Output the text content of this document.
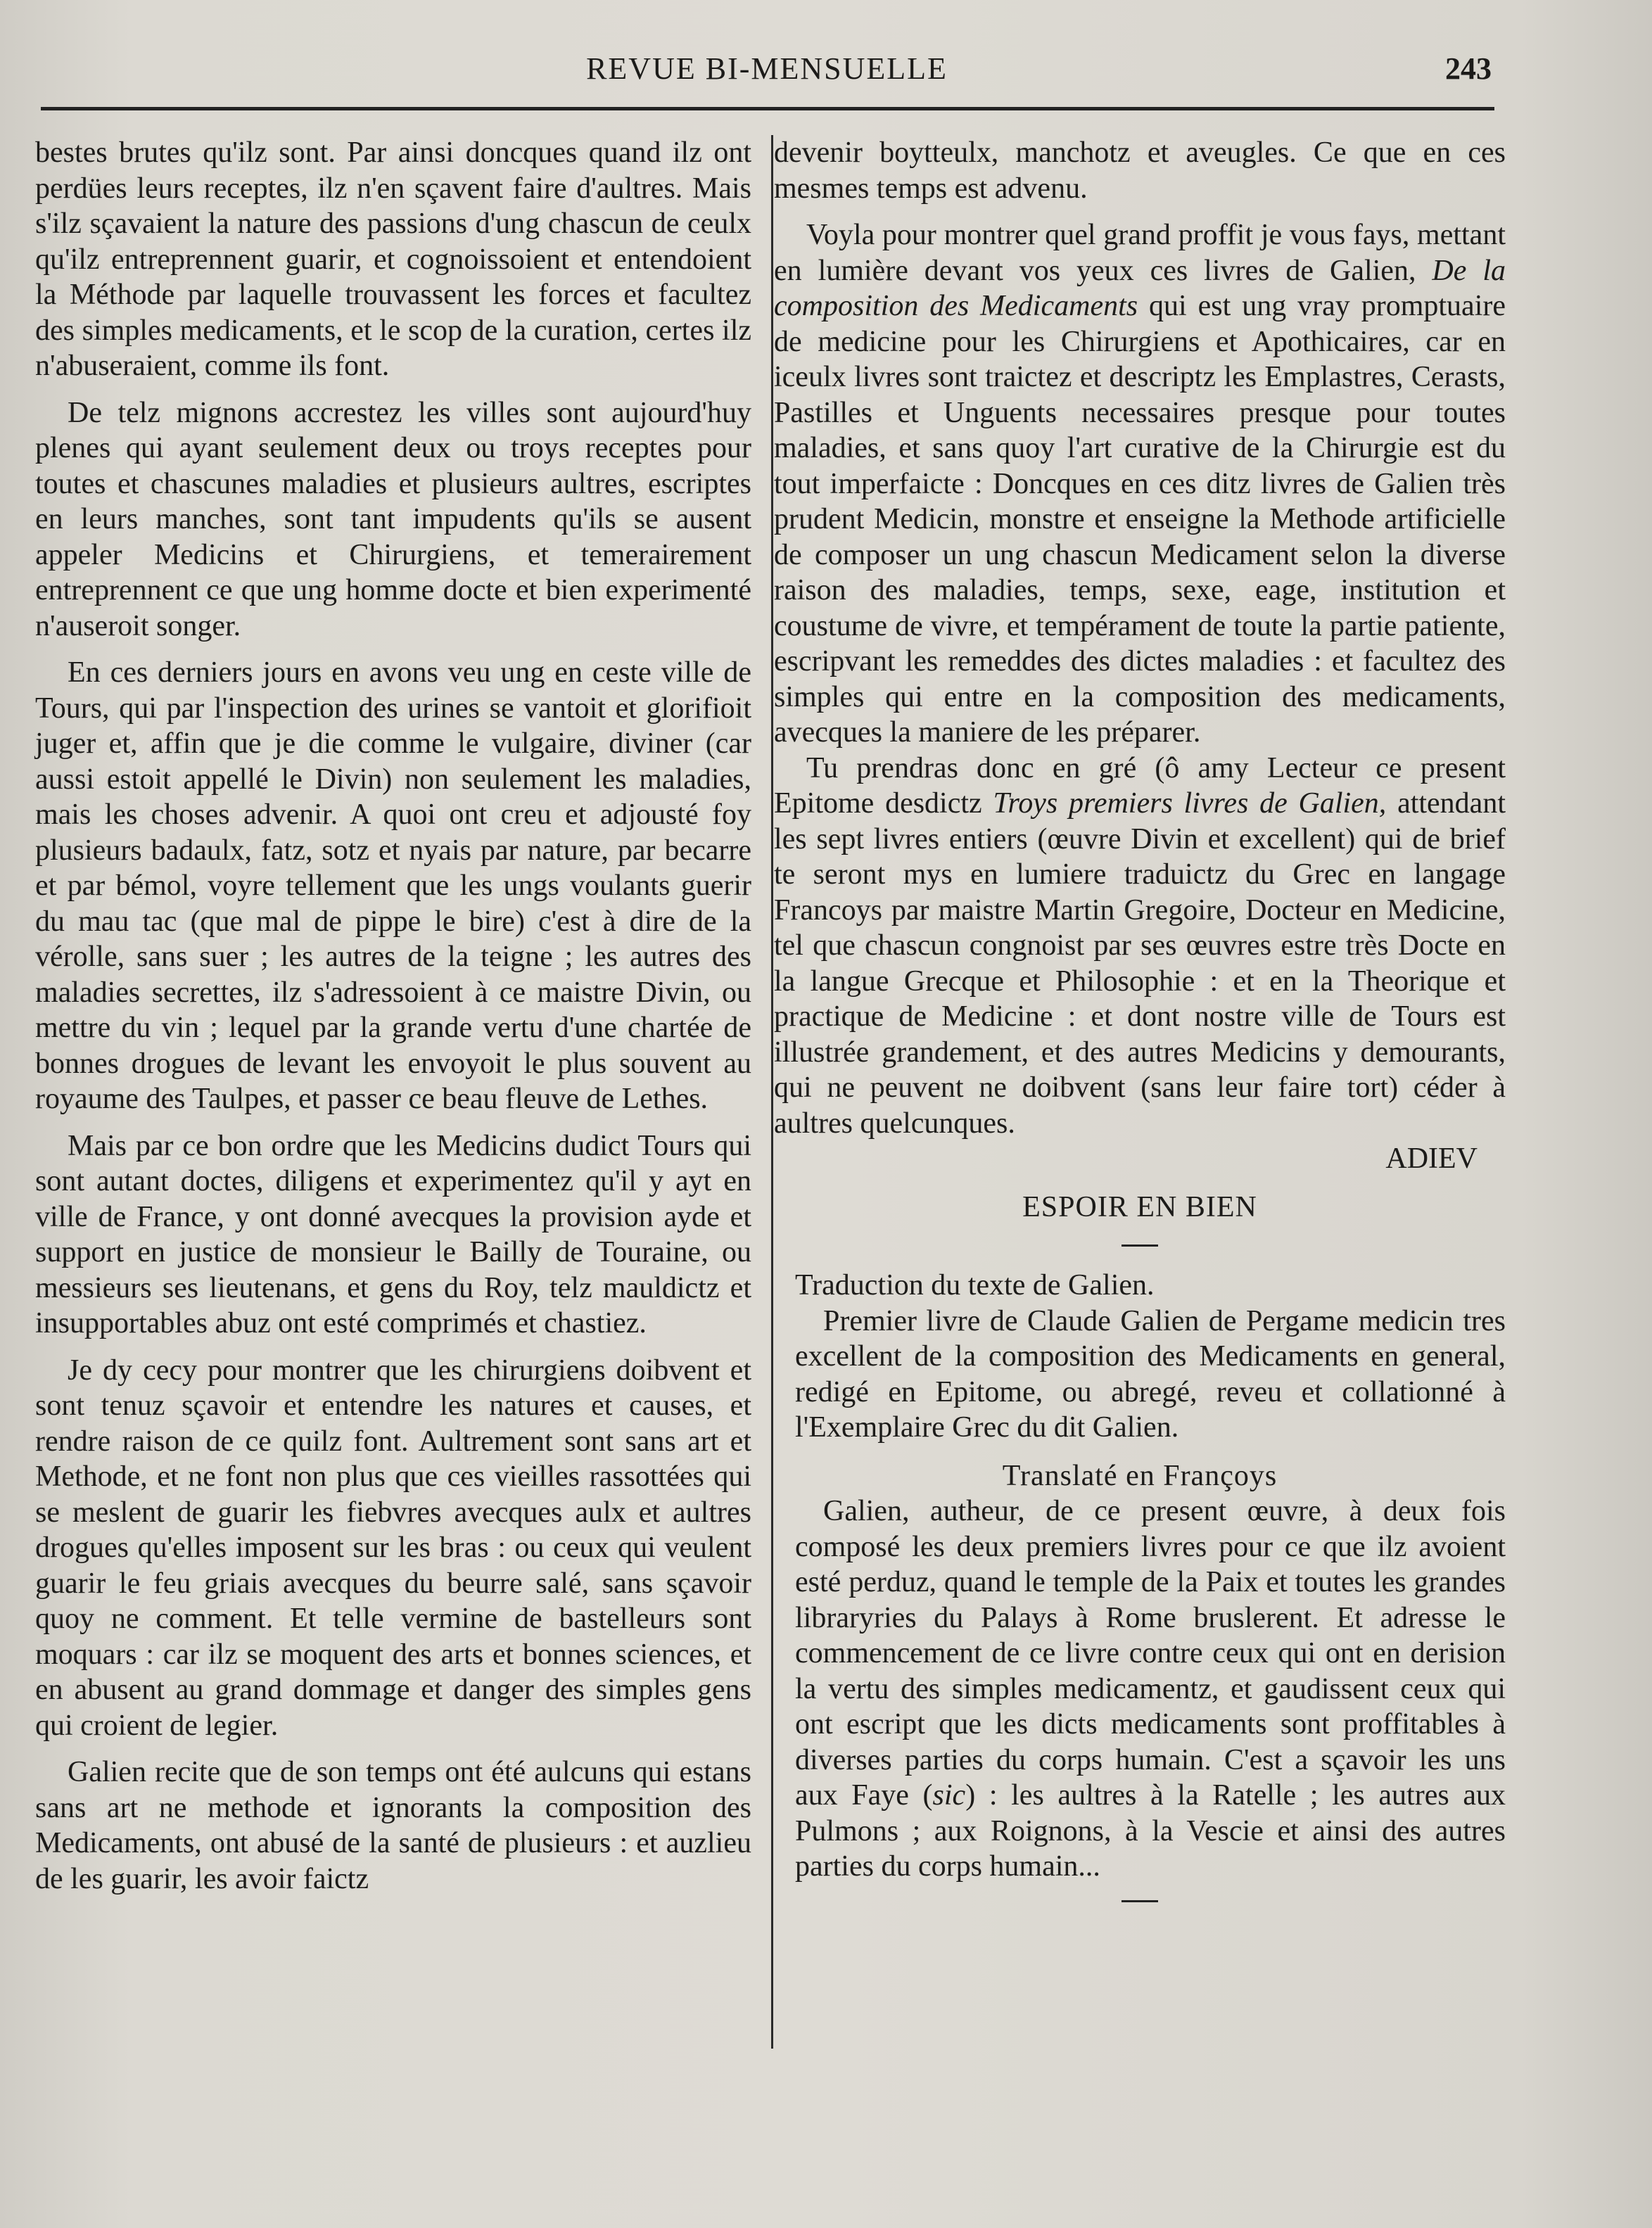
REVUE BI-MENSUELLE	243

bestes brutes qu'ilz sont. Par ainsi doncques quand ilz ont perdües leurs receptes, ilz n'en sçavent faire d'aultres. Mais s'ilz sçavaient la nature des passions d'ung chascun de ceulx qu'ilz entreprennent guarir, et cognoissoient et entendoient la Méthode par laquelle trouvassent les forces et facultez des simples medicaments, et le scop de la curation, certes ilz n'abuseraient, comme ils font.

De telz mignons accrestez les villes sont aujourd'huy plenes qui ayant seulement deux ou troys receptes pour toutes et chascunes maladies et plusieurs aultres, escriptes en leurs manches, sont tant impudents qu'ils se ausent appeler Medicins et Chirurgiens, et temerairement entreprennent ce que ung homme docte et bien experimenté n'auseroit songer.

En ces derniers jours en avons veu ung en ceste ville de Tours, qui par l'inspection des urines se vantoit et glorifioit juger et, affin que je die comme le vulgaire, diviner (car aussi estoit appellé le Divin) non seulement les maladies, mais les choses advenir. A quoi ont creu et adjousté foy plusieurs badaulx, fatz, sotz et nyais par nature, par becarre et par bémol, voyre tellement que les ungs voulants guerir du mau tac (que mal de pippe le bire) c'est à dire de la vérolle, sans suer ; les autres de la teigne ; les autres des maladies secrettes, ilz s'adressoient à ce maistre Divin, ou mettre du vin ; lequel par la grande vertu d'une chartée de bonnes drogues de levant les envoyoit le plus souvent au royaume des Taulpes, et passer ce beau fleuve de Lethes.

Mais par ce bon ordre que les Medicins dudict Tours qui sont autant doctes, diligens et experimentez qu'il y ayt en ville de France, y ont donné avecques la provision ayde et support en justice de monsieur le Bailly de Touraine, ou messieurs ses lieutenans, et gens du Roy, telz mauldictz et insupportables abuz ont esté comprimés et chastiez.

Je dy cecy pour montrer que les chirurgiens doibvent et sont tenuz sçavoir et entendre les natures et causes, et rendre raison de ce quilz font. Aultrement sont sans art et Methode, et ne font non plus que ces vieilles rassottées qui se meslent de guarir les fiebvres avecques aulx et aultres drogues qu'elles imposent sur les bras : ou ceux qui veulent guarir le feu griais avecques du beurre salé, sans sçavoir quoy ne comment. Et telle vermine de bastelleurs sont moquars : car ilz se moquent des arts et bonnes sciences, et en abusent au grand dommage et danger des simples gens qui croient de legier.

Galien recite que de son temps ont été aulcuns qui estans sans art ne methode et ignorants la composition des Medicaments, ont abusé de la santé de plusieurs : et auzlieu de les guarir, les avoir faictz

devenir boytteulx, manchotz et aveugles. Ce que en ces mesmes temps est advenu.

Voyla pour montrer quel grand proffit je vous fays, mettant en lumière devant vos yeux ces livres de Galien, De la composition des Medicaments qui est ung vray promptuaire de medicine pour les Chirurgiens et Apothicaires, car en iceulx livres sont traictez et descriptz les Emplastres, Cerasts, Pastilles et Unguents necessaires presque pour toutes maladies, et sans quoy l'art curative de la Chirurgie est du tout imperfaicte : Doncques en ces ditz livres de Galien très prudent Medicin, monstre et enseigne la Methode artificielle de composer un ung chascun Medicament selon la diverse raison des maladies, temps, sexe, eage, institution et coustume de vivre, et tempérament de toute la partie patiente, escripvant les remeddes des dictes maladies : et facultez des simples qui entre en la composition des medicaments, avecques la maniere de les préparer.

Tu prendras donc en gré (ô amy Lecteur ce present Epitome desdictz Troys premiers livres de Galien, attendant les sept livres entiers (œuvre Divin et excellent) qui de brief te seront mys en lumiere traduictz du Grec en langage Francoys par maistre Martin Gregoire, Docteur en Medicine, tel que chascun congnoist par ses œuvres estre très Docte en la langue Grecque et Philosophie : et en la Theorique et practique de Medicine : et dont nostre ville de Tours est illustrée grandement, et des autres Medicins y demourants, qui ne peuvent ne doibvent (sans leur faire tort) céder à aultres quelcunques.

ADIEV

ESPOIR EN BIEN

Traduction du texte de Galien.

Premier livre de Claude Galien de Pergame medicin tres excellent de la composition des Medicaments en general, redigé en Epitome, ou abregé, reveu et collationné à l'Exemplaire Grec du dit Galien.

Translaté en Françoys

Galien, autheur, de ce present œuvre, à deux fois composé les deux premiers livres pour ce que ilz avoient esté perduz, quand le temple de la Paix et toutes les grandes libraryries du Palays à Rome bruslerent. Et adresse le commencement de ce livre contre ceux qui ont en derision la vertu des simples medicamentz, et gaudissent ceux qui ont escript que les dicts medicaments sont proffitables à diverses parties du corps humain. C'est a sçavoir les uns aux Faye (sic) : les aultres à la Ratelle ; les autres aux Pulmons ; aux Roignons, à la Vescie et ainsi des autres parties du corps humain...
